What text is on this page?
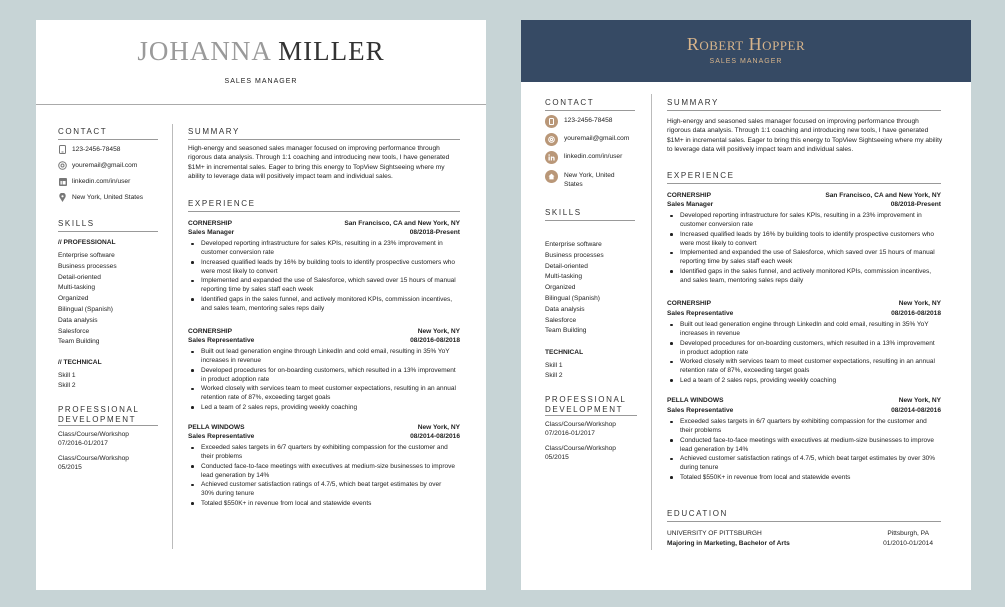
JOHANNA MILLER
SALES MANAGER
CONTACT
123-2456-78458
youremail@gmail.com
linkedin.com/in/user
New York, United States
SKILLS
// PROFESSIONAL
Enterprise software
Business processes
Detail-oriented
Multi-tasking
Organized
Bilingual (Spanish)
Data analysis
Salesforce
Team Building
// TECHNICAL
Skill 1
Skill 2
PROFESSIONAL
DEVELOPMENT
Class/Course/Workshop
07/2016-01/2017
Class/Course/Workshop
05/2015
SUMMARY
High-energy and seasoned sales manager focused on improving performance through rigorous data analysis. Through 1:1 coaching and introducing new tools, I have generated $1M+ in incremental sales. Eager to bring this energy to TopView Sightseeing where my ability to leverage data will positively impact team and individual sales.
EXPERIENCE
CORNERSHIP	San Francisco, CA and New York, NY
Sales Manager	08/2018-Present
Developed reporting infrastructure for sales KPIs, resulting in a 23% improvement in customer conversion rate
Increased qualified leads by 16% by building tools to identify prospective customers who were most likely to convert
Implemented and expanded the use of Salesforce, which saved over 15 hours of manual reporting time by sales staff each week
Identified gaps in the sales funnel, and actively monitored KPIs, commission incentives, and sales team, mentoring sales reps daily
CORNERSHIP	New York, NY
Sales Representative	08/2016-08/2018
Built out lead generation engine through LinkedIn and cold email, resulting in 35% YoY increases in revenue
Developed procedures for on-boarding customers, which resulted in a 13% improvement in product adoption rate
Worked closely with services team to meet customer expectations, resulting in an annual retention rate of 87%, exceeding target goals
Led a team of 2 sales reps, providing weekly coaching
PELLA WINDOWS	New York, NY
Sales Representative	08/2014-08/2016
Exceeded sales targets in 6/7 quarters by exhibiting compassion for the customer and their problems
Conducted face-to-face meetings with executives at medium-size businesses to improve lead generation by 14%
Achieved customer satisfaction ratings of 4.7/5, which beat target estimates by over 30% during tenure
Totaled $550K+ in revenue from local and statewide events
Robert Hopper
SALES MANAGER
CONTACT
123-2456-78458
youremail@gmail.com
linkedin.com/in/user
New York, United
States
SKILLS
Enterprise software
Business processes
Detail-oriented
Multi-tasking
Organized
Bilingual (Spanish)
Data analysis
Salesforce
Team Building
TECHNICAL
Skill 1
Skill 2
PROFESSIONAL
DEVELOPMENT
Class/Course/Workshop
07/2016-01/2017
Class/Course/Workshop
05/2015
SUMMARY
High-energy and seasoned sales manager focused on improving performance through rigorous data analysis. Through 1:1 coaching and introducing new tools, I have generated $1M+ in incremental sales. Eager to bring this energy to TopView Sightseeing where my ability to leverage data will positively impact team and individual sales.
EXPERIENCE
CORNERSHIP	San Francisco, CA and New York, NY
Sales Manager	08/2018-Present
Developed reporting infrastructure for sales KPIs, resulting in a 23% improvement in customer conversion rate
Increased qualified leads by 16% by building tools to identify prospective customers who were most likely to convert
Implemented and expanded the use of Salesforce, which saved over 15 hours of manual reporting time by sales staff each week
Identified gaps in the sales funnel, and actively monitored KPIs, commission incentives, and sales team, mentoring sales reps daily
CORNERSHIP	New York, NY
Sales Representative	08/2016-08/2018
Built out lead generation engine through LinkedIn and cold email, resulting in 35% YoY increases in revenue
Developed procedures for on-boarding customers, which resulted in a 13% improvement in product adoption rate
Worked closely with services team to meet customer expectations, resulting in an annual retention rate of 87%, exceeding target goals
Led a team of 2 sales reps, providing weekly coaching
PELLA WINDOWS	New York, NY
Sales Representative	08/2014-08/2016
Exceeded sales targets in 6/7 quarters by exhibiting compassion for the customer and their problems
Conducted face-to-face meetings with executives at medium-size businesses to improve lead generation by 14%
Achieved customer satisfaction ratings of 4.7/5, which beat target estimates by over 30% during tenure
Totaled $550K+ in revenue from local and statewide events
EDUCATION
UNIVERSITY OF PITTSBURGH	Pittsburgh, PA
Majoring in Marketing, Bachelor of Arts	01/2010-01/2014
